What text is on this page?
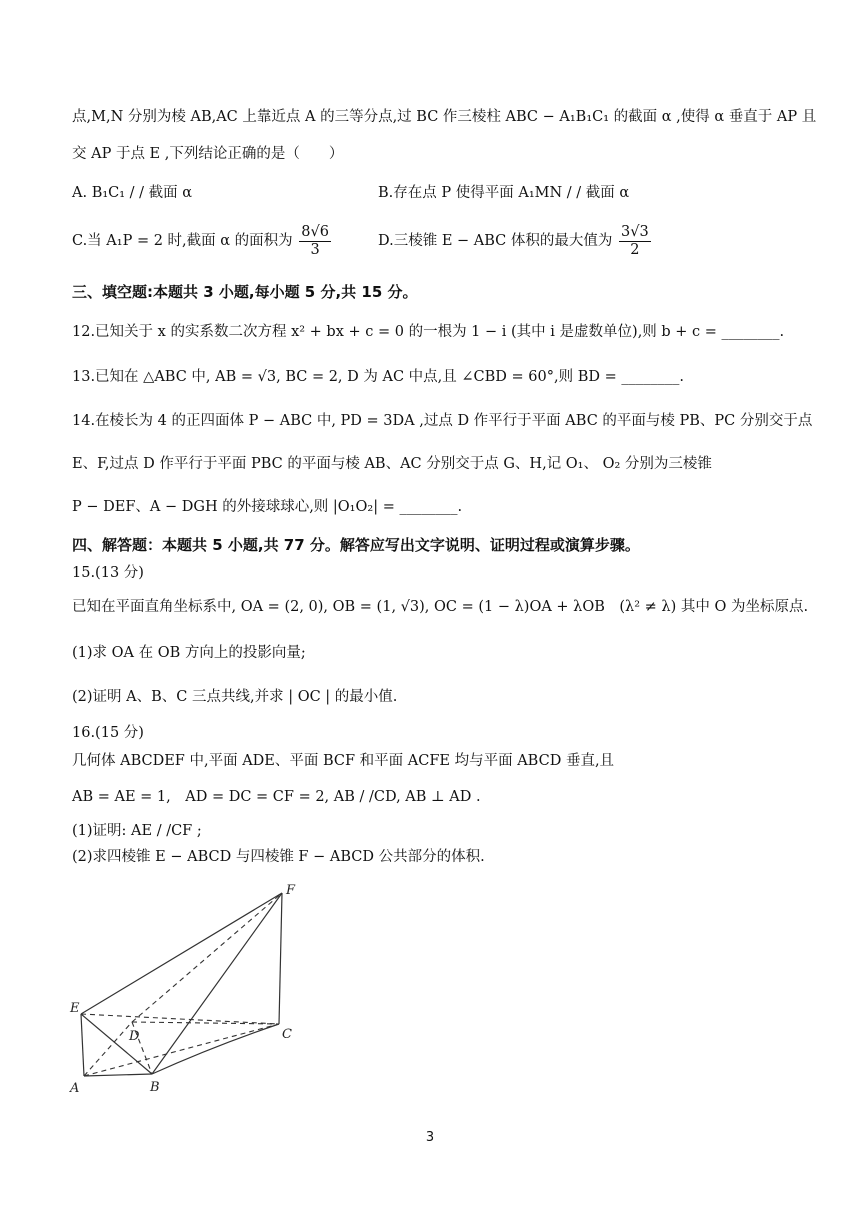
点,M,N 分别为棱 AB,AC 上靠近点 A 的三等分点,过 BC 作三棱柱 ABC − A₁B₁C₁ 的截面 α ,使得 α 垂直于 AP 且
交 AP 于点 E ,下列结论正确的是（　　）
A. B₁C₁ / / 截面 α	B.存在点 P 使得平面 A₁MN / / 截面 α
C.当 A₁P = 2 时,截面 α 的面积为 $\frac{8√6}{3}$	D.三棱锥 E − ABC 体积的最大值为 $\frac{3√3}{2}$
三、填空题:本题共 3 小题,每小题 5 分,共 15 分。
12.已知关于 x 的实系数二次方程 x² + bx + c = 0 的一根为 1 − i (其中 i 是虚数单位),则 b + c = ________.
13.已知在 △ABC 中, AB = √3, BC = 2, D 为 AC 中点,且 ∠CBD = 60°,则 BD = ________.
14.在棱长为 4 的正四面体 P − ABC 中, PD = 3DA ,过点 D 作平行于平面 ABC 的平面与棱 PB、PC 分别交于点
E、F,过点 D 作平行于平面 PBC 的平面与棱 AB、AC 分别交于点 G、H,记 O₁、 O₂ 分别为三棱锥
P − DEF、A − DGH 的外接球球心,则 |O₁O₂| = ________.
四、解答题：本题共 5 小题,共 77 分。解答应写出文字说明、证明过程或演算步骤。
15.(13 分)
已知在平面直角坐标系中, OA = (2, 0), OB = (1, √3), OC = (1 − λ)OA + λOB　(λ² ≠ λ) 其中 O 为坐标原点.
(1)求 OA 在 OB 方向上的投影向量;
(2)证明 A、B、C 三点共线,并求 | OC | 的最小值.
16.(15 分)
几何体 ABCDEF 中,平面 ADE、平面 BCF 和平面 ACFE 均与平面 ABCD 垂直,且
AB = AE = 1,　AD = DC = CF = 2, AB / /CD, AB ⊥ AD .
(1)证明: AE / /CF ;
(2)求四棱锥 E − ABCD 与四棱锥 F − ABCD 公共部分的体积.
E
D	C
F
A	B
3
